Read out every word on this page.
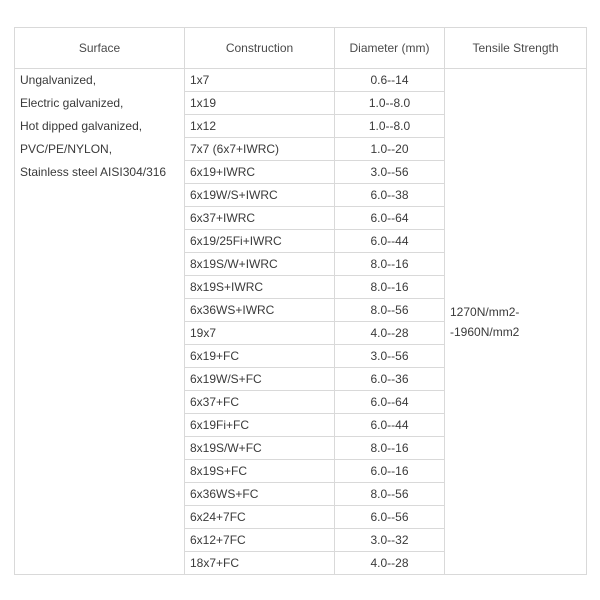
Surface	Construction	Diameter (mm)	Tensile Strength
Ungalvanized,	1x7	0.6--14	1270N/mm2-
-1960N/mm2

Electric galvanized,	1x19	1.0--8.0	
Hot dipped galvanized,	1x12	1.0--8.0	
PVC/PE/NYLON,	7x7 (6x7+IWRC)	1.0--20	
Stainless steel AISI304/316	6x19+IWRC	3.0--56	
	6x19W/S+IWRC	6.0--38	
	6x37+IWRC	6.0--64	
	6x19/25Fi+IWRC	6.0--44	
	8x19S/W+IWRC	8.0--16	
	8x19S+IWRC	8.0--16	
	6x36WS+IWRC	8.0--56	
	19x7	4.0--28	
	6x19+FC	3.0--56	
	6x19W/S+FC	6.0--36	
	6x37+FC	6.0--64	
	6x19Fi+FC	6.0--44	
	8x19S/W+FC	8.0--16	
	8x19S+FC	6.0--16	
	6x36WS+FC	8.0--56	
	6x24+7FC	6.0--56	
	6x12+7FC	3.0--32	
	18x7+FC	4.0--28	
